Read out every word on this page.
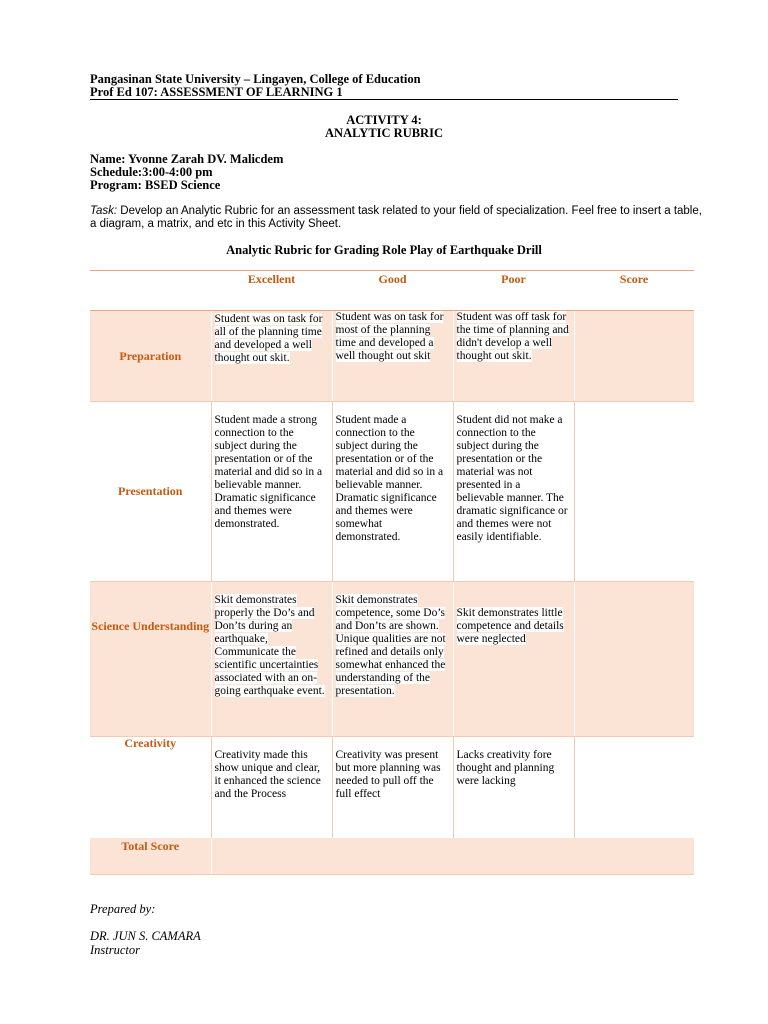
Pangasinan State University – Lingayen, College of Education
Prof Ed 107: ASSESSMENT OF LEARNING 1
ACTIVITY 4:
ANALYTIC RUBRIC
Name: Yvonne Zarah DV. Malicdem
Schedule:3:00-4:00 pm
Program: BSED Science
Task: Develop an Analytic Rubric for an assessment task related to your field of specialization. Feel free to insert a table, a diagram, a matrix, and etc in this Activity Sheet.
Analytic Rubric for Grading Role Play of Earthquake Drill
	Excellent	Good	Poor	Score
Preparation	Student was on task for all of the planning time and developed a well thought out skit.	Student was on task for most of the planning time and developed a well thought out skit	Student was off task for the time of planning and didn't develop a well thought out skit.	
Presentation	Student made a strong connection to the subject during the presentation or of the material and did so in a believable manner. Dramatic significance and themes were demonstrated.	Student made a connection to the subject during the presentation or of the material and did so in a believable manner. Dramatic significance and themes were somewhat demonstrated.	Student did not make a connection to the subject during the presentation or the material was not presented in a believable manner. The dramatic significance or and themes were not easily identifiable.	
Science Understanding	Skit demonstrates properly the Do’s and Don’ts during an earthquake, Communicate the scientific uncertainties associated with an on-going earthquake event.	Skit demonstrates competence, some Do’s and Don’ts are shown. Unique qualities are not refined and details only somewhat enhanced the understanding of the presentation.	Skit demonstrates little competence and details were neglected	
Creativity	Creativity made this show unique and clear, it enhanced the science and the Process	Creativity was present but more planning was needed to pull off the full effect	Lacks creativity fore thought and planning were lacking	
Total Score				
Prepared by:
DR. JUN S. CAMARA
Instructor
